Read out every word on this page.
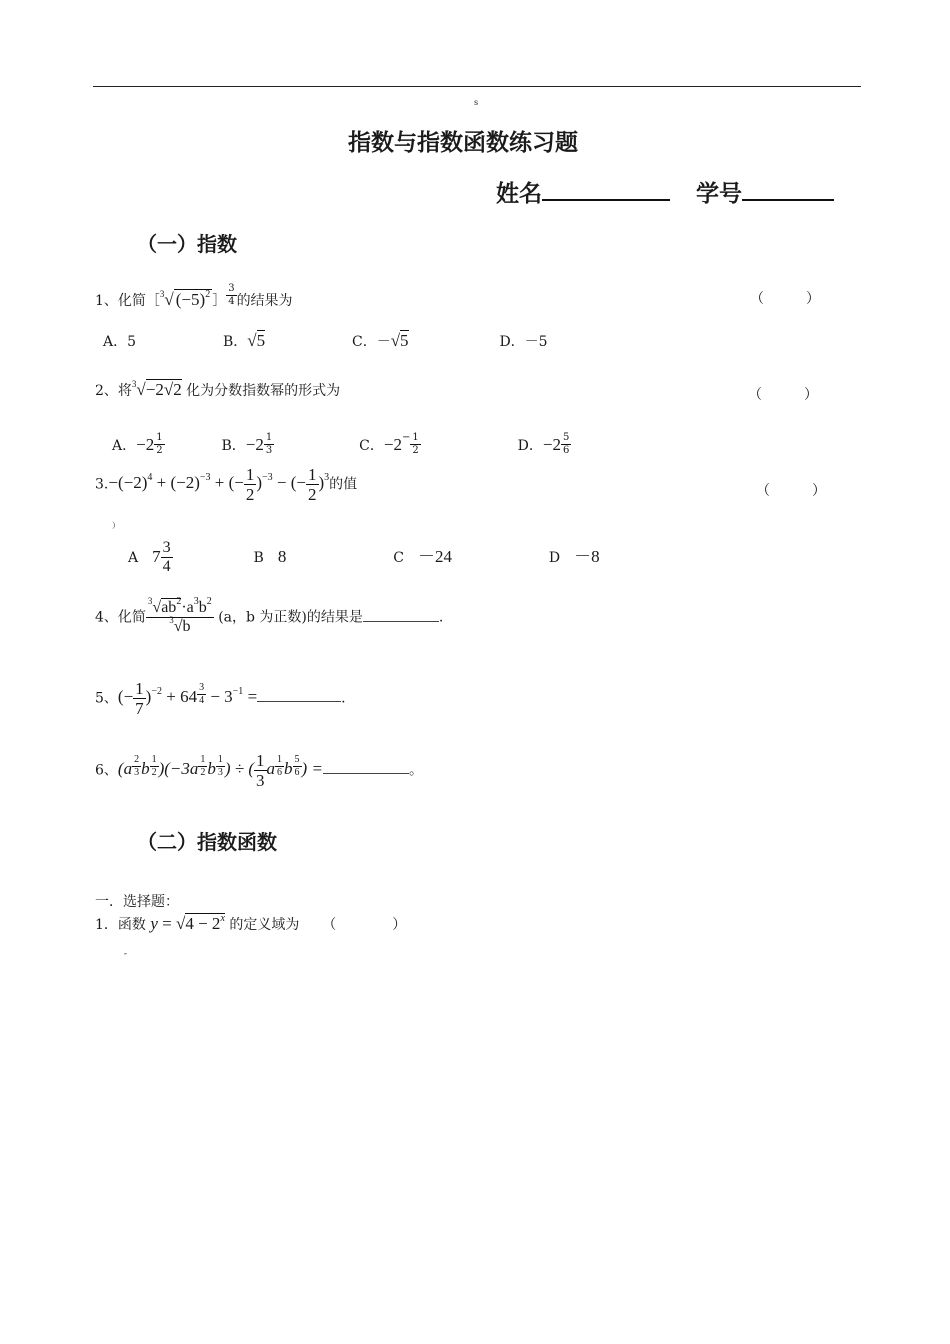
s
指数与指数函数练习题
姓名	学号
（一）指数
1、化简［$^3$√ $(-5)^2$ ］ $\frac{3}{4}$ 的结果为	（　　　）
A．5	B．√5	C．－√5	D．－5
2、将$^3$√−2√2 化为分数指数幂的形式为	（　　　）
A．$-2 \frac{1}{2}$	B．$-2 \frac{1}{3}$	C．$-2^- \frac{1}{2}$	D．$-2 \frac{5}{6}$
$3.-(-2)^4 + (-2)^{-3}$ + (− $\frac{1}{2} )^{-3}$ − (− $\frac{1}{2} )^3$的值	（　　　）
）
A　 $7 \frac{3}{4}$	B　 8	C　 －24	D　 －8
4、化简 $\frac{^3√ab^2\cdot a^3b^2}{^3√b} (a$，b 为正数)的结果是	.
5、(− $\frac{1}{7} )^{-2} + 64 \frac{3}{4} - 3^{-1}$ =	.
6、($a \frac{2}{3}$ b $\frac{1}{2} )(-3a \frac{1}{2}$ b $\frac{1}{3}$ ) ÷ ( $\frac{1}{3}$ a $\frac{1}{6}$ b $\frac{5}{6}$ ) =	。
（二）指数函数
一．选择题：
1．函数 $y = √4 - 2^x$ 的定义域为 （　　　　）
″
